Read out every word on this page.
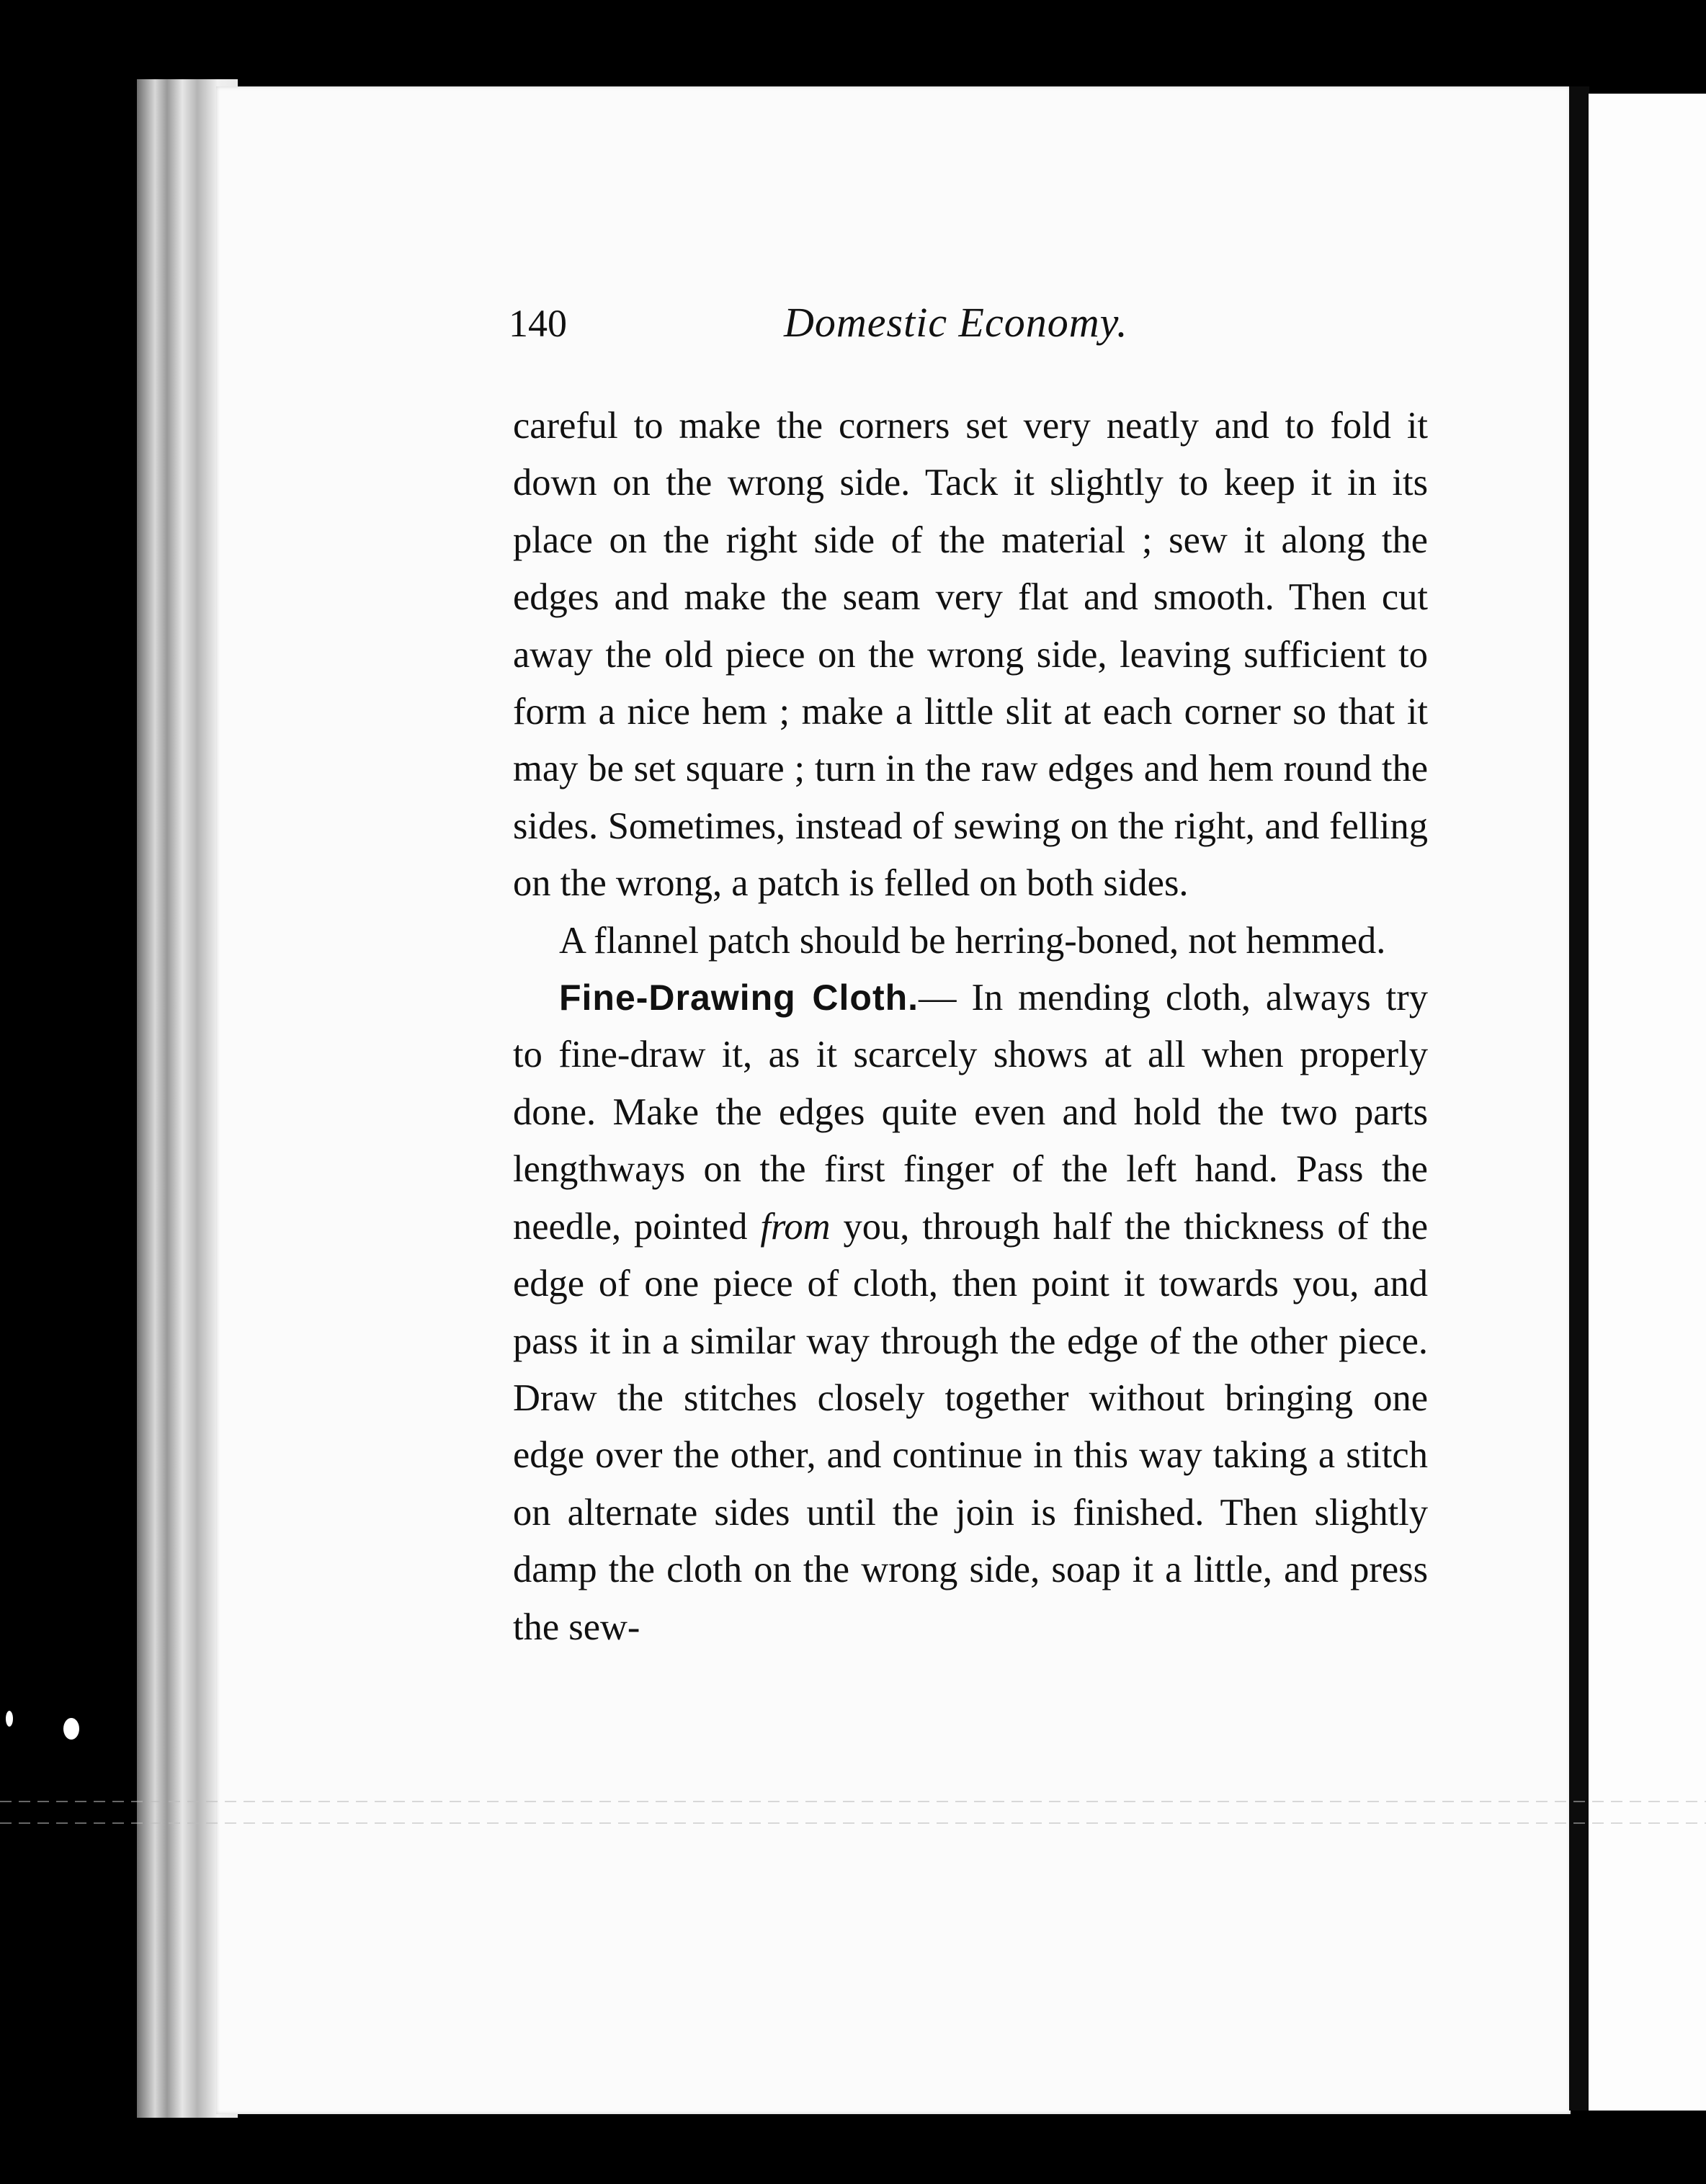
140	Domestic Economy.

careful to make the corners set very neatly and to fold it down on the wrong side. Tack it slightly to keep it in its place on the right side of the material ; sew it along the edges and make the seam very flat and smooth. Then cut away the old piece on the wrong side, leaving sufficient to form a nice hem ; make a little slit at each corner so that it may be set square ; turn in the raw edges and hem round the sides. Sometimes, instead of sewing on the right, and felling on the wrong, a patch is felled on both sides.

A flannel patch should be herring-boned, not hemmed.

Fine-Drawing Cloth.— In mending cloth, always try to fine-draw it, as it scarcely shows at all when properly done. Make the edges quite even and hold the two parts lengthways on the first finger of the left hand. Pass the needle, pointed from you, through half the thickness of the edge of one piece of cloth, then point it towards you, and pass it in a similar way through the edge of the other piece. Draw the stitches closely together without bringing one edge over the other, and continue in this way taking a stitch on alternate sides until the join is finished. Then slightly damp the cloth on the wrong side, soap it a little, and press the sew-
